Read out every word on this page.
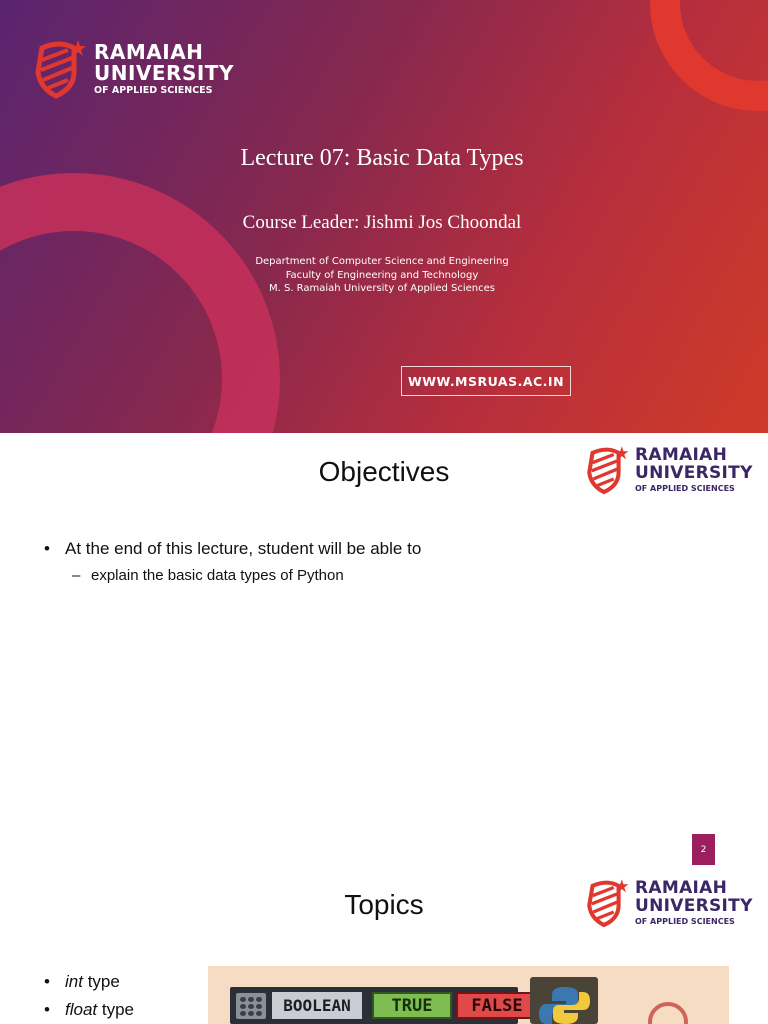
RAMAIAH
UNIVERSITY
OF APPLIED SCIENCES
Lecture 07: Basic Data Types
Course Leader: Jishmi Jos Choondal
Department of Computer Science and Engineering
Faculty of Engineering and Technology
M. S. Ramaiah University of Applied Sciences
WWW.MSRUAS.AC.IN
RAMAIAH
UNIVERSITY
OF APPLIED SCIENCES
Objectives
• At the end of this lecture, student will be able to
– explain the basic data types of Python
2
RAMAIAH
UNIVERSITY
OF APPLIED SCIENCES
Topics
• int type
• float type	BOOLEAN	TRUE	FALSE
